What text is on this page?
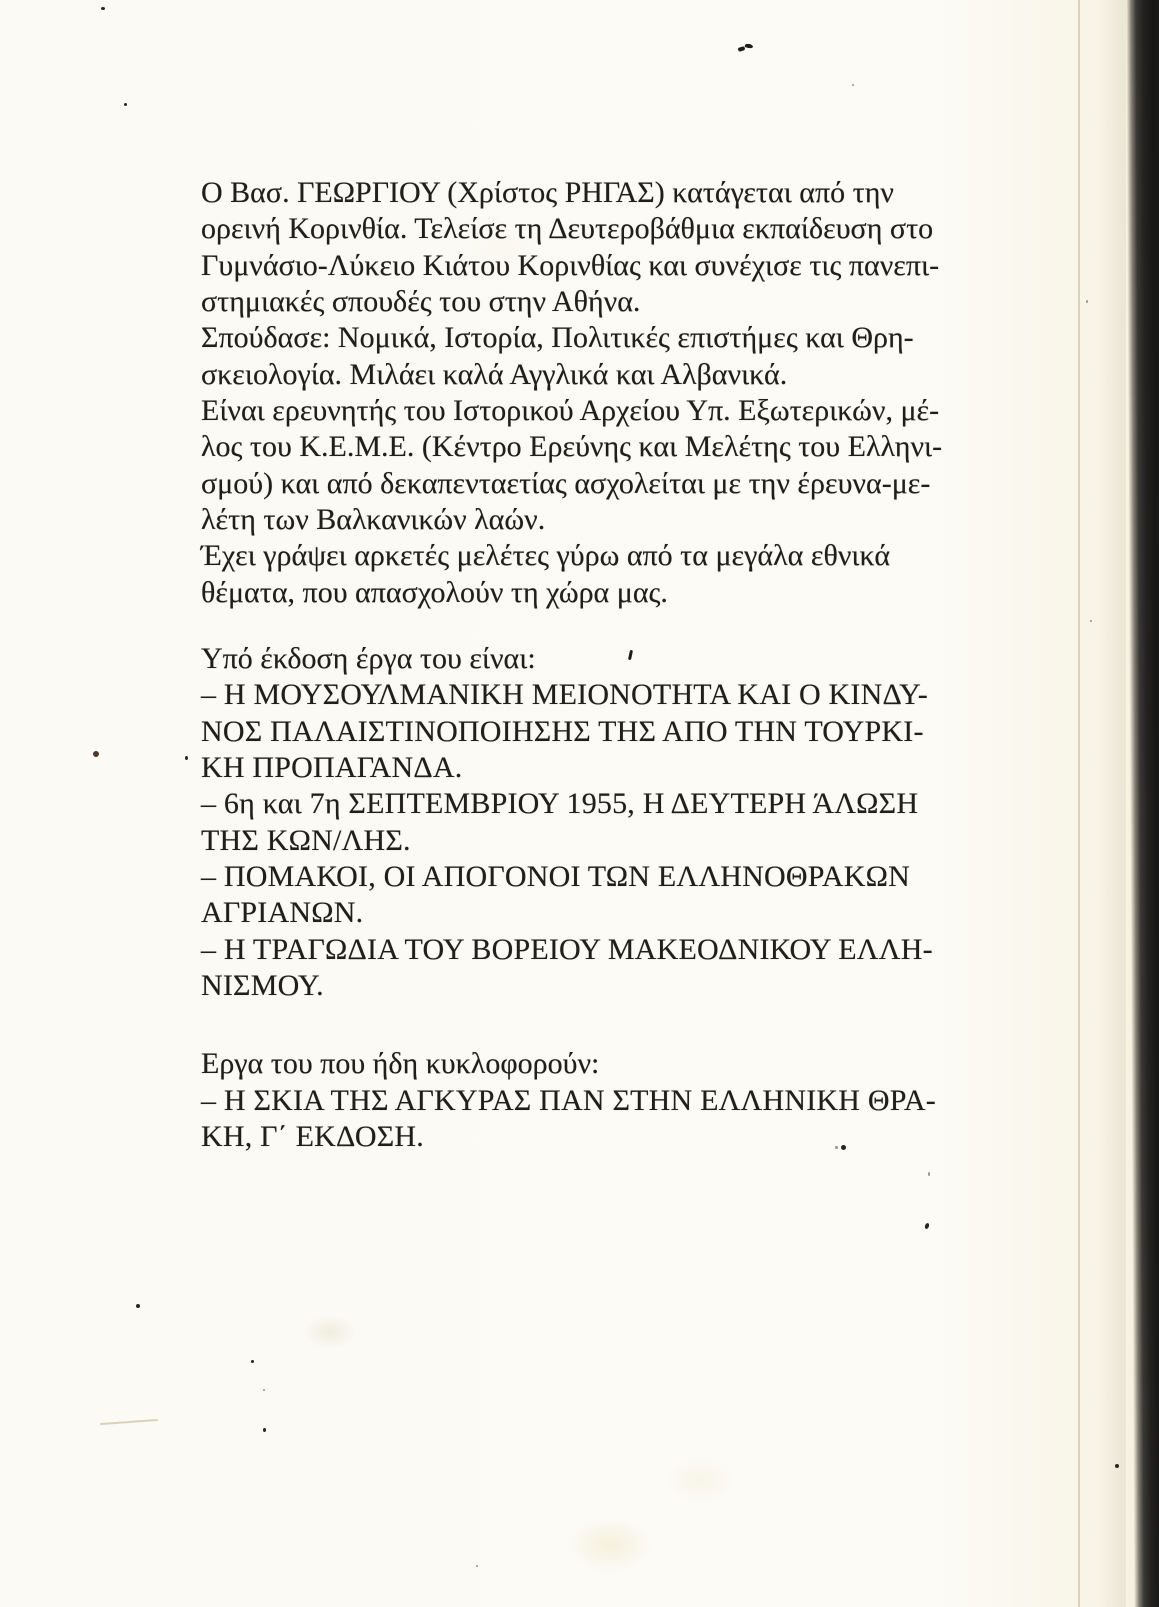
Ο Βασ. ΓΕΩΡΓΙΟΥ (Χρίστος ΡΗΓΑΣ) κατάγεται από την
ορεινή Κορινθία. Τελείσε τη Δευτεροβάθμια εκπαίδευση στο
Γυμνάσιο-Λύκειο Κιάτου Κορινθίας και συνέχισε τις πανεπι-
στημιακές σπουδές του στην Αθήνα.
Σπούδασε: Νομικά, Ιστορία, Πολιτικές επιστήμες και Θρη-
σκειολογία. Μιλάει καλά Αγγλικά και Αλβανικά.
Είναι ερευνητής του Ιστορικού Αρχείου Υπ. Εξωτερικών, μέ-
λος του Κ.Ε.Μ.Ε. (Κέντρο Ερεύνης και Μελέτης του Ελληνι-
σμού) και από δεκαπενταετίας ασχολείται με την έρευνα-με-
λέτη των Βαλκανικών λαών.
Έχει γράψει αρκετές μελέτες γύρω από τα μεγάλα εθνικά
θέματα, που απασχολούν τη χώρα μας.
Υπό έκδοση έργα του είναι:
– Η ΜΟΥΣΟΥΛΜΑΝΙΚΗ ΜΕΙΟΝΟΤΗΤΑ ΚΑΙ Ο ΚΙΝΔΥ-
ΝΟΣ ΠΑΛΑΙΣΤΙΝΟΠΟΙΗΣΗΣ ΤΗΣ ΑΠΟ ΤΗΝ ΤΟΥΡΚΙ-
ΚΗ ΠΡΟΠΑΓΑΝΔΑ.
– 6η και 7η ΣΕΠΤΕΜΒΡΙΟΥ 1955, Η ΔΕΥΤΕΡΗ ΆΛΩΣΗ
ΤΗΣ ΚΩΝ/ΛΗΣ.
– ΠΟΜΑΚΟΙ, ΟΙ ΑΠΟΓΟΝΟΙ ΤΩΝ ΕΛΛΗΝΟΘΡΑΚΩΝ
ΑΓΡΙΑΝΩΝ.
– Η ΤΡΑΓΩΔΙΑ ΤΟΥ ΒΟΡΕΙΟΥ ΜΑΚΕΟΔΝΙΚΟΥ ΕΛΛΗ-
ΝΙΣΜΟΥ.
Εργα του που ήδη κυκλοφορούν:
– Η ΣΚΙΑ ΤΗΣ ΑΓΚΥΡΑΣ ΠΑΝ ΣΤΗΝ ΕΛΛΗΝΙΚΗ ΘΡΑ-
ΚΗ, Γ΄ ΕΚΔΟΣΗ.
